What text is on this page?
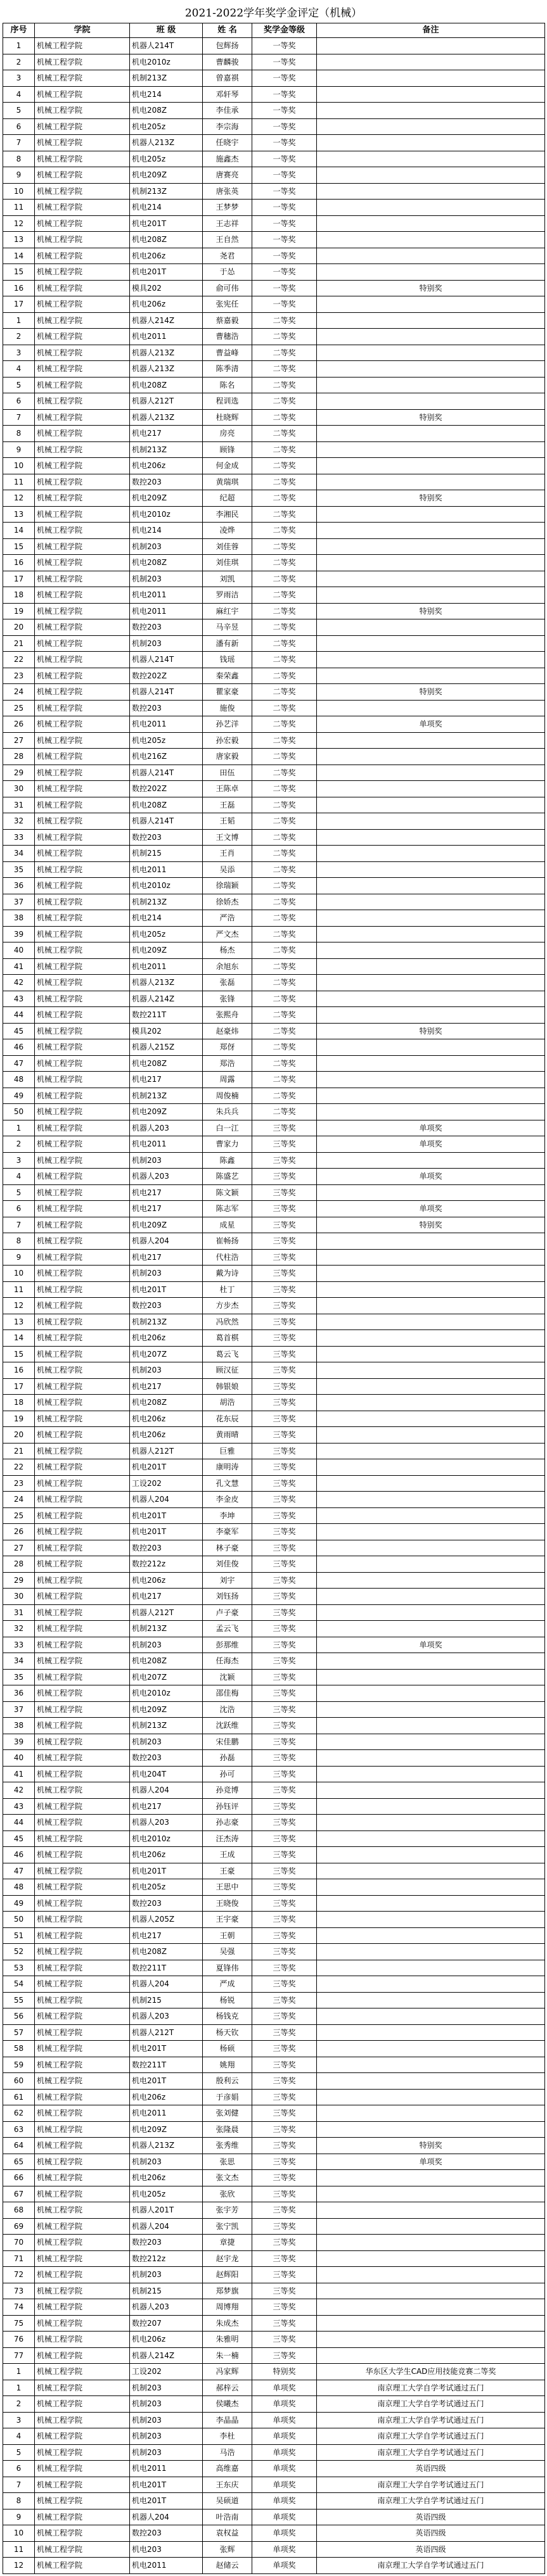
2021-2022学年奖学金评定（机械）
序号	学院	班 级	姓 名	奖学金等级	备注
1	机械工程学院	机器人214T	包辉扬	一等奖	
2	机械工程学院	机电2010z	曹麟骏	一等奖	
3	机械工程学院	机制213Z	曾嘉祺	一等奖	
4	机械工程学院	机电214	邓轩琴	一等奖	
5	机械工程学院	机电208Z	李佳承	一等奖	
6	机械工程学院	机电205z	李宗海	一等奖	
7	机械工程学院	机器人213Z	任晓宇	一等奖	
8	机械工程学院	机电205z	施鑫杰	一等奖	
9	机械工程学院	机电209Z	唐赛亮	一等奖	
10	机械工程学院	机制213Z	唐张英	一等奖	
11	机械工程学院	机电214	王梦梦	一等奖	
12	机械工程学院	机电201T	王志祥	一等奖	
13	机械工程学院	机电208Z	王自然	一等奖	
14	机械工程学院	机电206z	尧君	一等奖	
15	机械工程学院	机电201T	于怂	一等奖	
16	机械工程学院	模具202	俞可伟	一等奖	特别奖
17	机械工程学院	机电206z	张宪任	一等奖	
1	机械工程学院	机器人214Z	蔡嘉毅	二等奖	
2	机械工程学院	机电2011	曹穗浩	二等奖	
3	机械工程学院	机器人213Z	曹益峰	二等奖	
4	机械工程学院	机器人213Z	陈季清	二等奖	
5	机械工程学院	机电208Z	陈名	二等奖	
6	机械工程学院	机器人212T	程训选	二等奖	
7	机械工程学院	机器人213Z	杜晓辉	二等奖	特别奖
8	机械工程学院	机电217	房亮	二等奖	
9	机械工程学院	机制213Z	顾锋	二等奖	
10	机械工程学院	机电206z	何金成	二等奖	
11	机械工程学院	数控203	黄瑞琪	二等奖	
12	机械工程学院	机电209Z	纪超	二等奖	特别奖
13	机械工程学院	机电2010z	李湘民	二等奖	
14	机械工程学院	机电214	凌烨	二等奖	
15	机械工程学院	机制203	刘佳蓉	二等奖	
16	机械工程学院	机电208Z	刘佳琪	二等奖	
17	机械工程学院	机制203	刘凯	二等奖	
18	机械工程学院	机电2011	罗雨洁	二等奖	
19	机械工程学院	机电2011	麻红宇	二等奖	特别奖
20	机械工程学院	数控203	马辛昱	二等奖	
21	机械工程学院	机制203	潘有新	二等奖	
22	机械工程学院	机器人214T	钱瑶	二等奖	
23	机械工程学院	数控202Z	秦荣鑫	二等奖	
24	机械工程学院	机器人214T	瞿家豪	二等奖	特别奖
25	机械工程学院	数控203	施俊	二等奖	
26	机械工程学院	机电2011	孙艺洋	二等奖	单项奖
27	机械工程学院	机电205z	孙宏毅	二等奖	
28	机械工程学院	机电216Z	唐家毅	二等奖	
29	机械工程学院	机器人214T	田伍	二等奖	
30	机械工程学院	数控202Z	王陈卓	二等奖	
31	机械工程学院	机电208Z	王磊	二等奖	
32	机械工程学院	机器人214T	王韬	二等奖	
33	机械工程学院	数控203	王文博	二等奖	
34	机械工程学院	机制215	王肖	二等奖	
35	机械工程学院	机电2011	吴添	二等奖	
36	机械工程学院	机电2010z	徐瑞颖	二等奖	
37	机械工程学院	机制213Z	徐娇杰	二等奖	
38	机械工程学院	机电214	严浩	二等奖	
39	机械工程学院	机电205z	严文杰	二等奖	
40	机械工程学院	机电209Z	杨杰	二等奖	
41	机械工程学院	机电2011	余旭东	二等奖	
42	机械工程学院	机器人213Z	张磊	二等奖	
43	机械工程学院	机器人214Z	张锋	二等奖	
44	机械工程学院	数控211T	张熙舟	二等奖	
45	机械工程学院	模具202	赵豪炜	二等奖	特别奖
46	机械工程学院	机器人215Z	郑伢	二等奖	
47	机械工程学院	机电208Z	郑浩	二等奖	
48	机械工程学院	机电217	周露	二等奖	
49	机械工程学院	机制213Z	周俊楠	二等奖	
50	机械工程学院	机电209Z	朱兵兵	二等奖	
1	机械工程学院	机器人203	白一江	三等奖	单项奖
2	机械工程学院	机电2011	曹家力	三等奖	单项奖
3	机械工程学院	机制203	陈鑫	三等奖	
4	机械工程学院	机器人203	陈盛艺	三等奖	单项奖
5	机械工程学院	机电217	陈文颖	三等奖	
6	机械工程学院	机电217	陈志军	三等奖	单项奖
7	机械工程学院	机电209Z	成星	三等奖	特别奖
8	机械工程学院	机器人204	崔畅扬	三等奖	
9	机械工程学院	机电217	代柱浩	三等奖	
10	机械工程学院	机制203	戴为诗	三等奖	
11	机械工程学院	机电201T	杜丁	三等奖	
12	机械工程学院	数控203	方步杰	三等奖	
13	机械工程学院	机制213Z	冯欣然	三等奖	
14	机械工程学院	机电206z	葛首棋	三等奖	
15	机械工程学院	机电207Z	葛云飞	三等奖	
16	机械工程学院	机制203	顾汉征	三等奖	
17	机械工程学院	机电217	韩银娘	三等奖	
18	机械工程学院	机电208Z	胡浩	三等奖	
19	机械工程学院	机电206z	花东辰	三等奖	
20	机械工程学院	机电206z	黄雨晴	三等奖	
21	机械工程学院	机器人212T	巨雅	三等奖	
22	机械工程学院	机电201T	康明涛	三等奖	
23	机械工程学院	工设202	孔文慧	三等奖	
24	机械工程学院	机器人204	李金皮	三等奖	
25	机械工程学院	机电201T	李坤	三等奖	
26	机械工程学院	机电201T	李豪军	三等奖	
27	机械工程学院	数控203	林子豪	三等奖	
28	机械工程学院	数控212z	刘佳俊	三等奖	
29	机械工程学院	机电206z	刘宇	三等奖	
30	机械工程学院	机电217	刘钰扬	三等奖	
31	机械工程学院	机器人212T	卢子豪	三等奖	
32	机械工程学院	机制213Z	孟云飞	三等奖	
33	机械工程学院	机制203	彭那维	三等奖	单项奖
34	机械工程学院	机电208Z	任海杰	三等奖	
35	机械工程学院	机电207Z	沈颖	三等奖	
36	机械工程学院	机电2010z	邵佳梅	三等奖	
37	机械工程学院	机电209Z	沈浩	三等奖	
38	机械工程学院	机制213Z	沈跃维	三等奖	
39	机械工程学院	机制203	宋佳鹏	三等奖	
40	机械工程学院	数控203	孙磊	三等奖	
41	机械工程学院	机电204T	孙可	三等奖	
42	机械工程学院	机器人204	孙竞博	三等奖	
43	机械工程学院	机电217	孙钰评	三等奖	
44	机械工程学院	机器人203	孙志豪	三等奖	
45	机械工程学院	机电2010z	汪杰涛	三等奖	
46	机械工程学院	机电206z	王成	三等奖	
47	机械工程学院	机电201T	王豪	三等奖	
48	机械工程学院	机电205z	王思中	三等奖	
49	机械工程学院	数控203	王晓俊	三等奖	
50	机械工程学院	机器人205Z	王宇豪	三等奖	
51	机械工程学院	机电217	王朝	三等奖	
52	机械工程学院	机电208Z	吴强	三等奖	
53	机械工程学院	数控211T	夏锋伟	三等奖	
54	机械工程学院	机器人204	严成	三等奖	
55	机械工程学院	机制215	杨锐	三等奖	
56	机械工程学院	机器人203	杨钱克	三等奖	
57	机械工程学院	机器人212T	杨天钦	三等奖	
58	机械工程学院	机电201T	杨硕	三等奖	
59	机械工程学院	数控211T	姚翔	三等奖	
60	机械工程学院	机电201T	殷利云	三等奖	
61	机械工程学院	机电206z	于彦娟	三等奖	
62	机械工程学院	机电2011	张刘健	三等奖	
63	机械工程学院	机电209Z	张隆晨	三等奖	
64	机械工程学院	机器人213Z	张秀维	三等奖	特别奖
65	机械工程学院	机制203	张思	三等奖	单项奖
66	机械工程学院	机电206z	张文杰	三等奖	
67	机械工程学院	机电205z	张欣	三等奖	
68	机械工程学院	机器人201T	张宇芳	三等奖	
69	机械工程学院	机器人204	张宁凯	三等奖	
70	机械工程学院	数控203	章捷	三等奖	
71	机械工程学院	数控212z	赵宇龙	三等奖	
72	机械工程学院	机制203	赵辉阳	三等奖	
73	机械工程学院	机制215	郑梦旗	三等奖	
74	机械工程学院	机器人203	周博翔	三等奖	
75	机械工程学院	数控207	朱成杰	三等奖	
76	机械工程学院	机电206z	朱雅明	三等奖	
77	机械工程学院	机器人214Z	朱一楠	三等奖	
1	机械工程学院	工设202	冯家辉	特别奖	华东区大学生CAD应用技能竞赛二等奖
1	机械工程学院	机制203	郝梓云	单项奖	南京理工大学自学考试通过五门
2	机械工程学院	机制203	侯曦杰	单项奖	南京理工大学自学考试通过五门
3	机械工程学院	机制203	李晶晶	单项奖	南京理工大学自学考试通过五门
4	机械工程学院	机制203	李杜	单项奖	南京理工大学自学考试通过五门
5	机械工程学院	机制203	马浩	单项奖	南京理工大学自学考试通过五门
6	机械工程学院	机电2011	高维嘉	单项奖	英语四级
7	机械工程学院	机电201T	王东庆	单项奖	南京理工大学自学考试通过五门
8	机械工程学院	机电201T	吴硕道	单项奖	南京理工大学自学考试通过五门
9	机械工程学院	机器人204	叶浩南	单项奖	英语四级
10	机械工程学院	数控203	袁权益	单项奖	英语四级
11	机械工程学院	机电203	张辉	单项奖	英语四级
12	机械工程学院	机电2011	赵储云	单项奖	南京理工大学自学考试通过五门
